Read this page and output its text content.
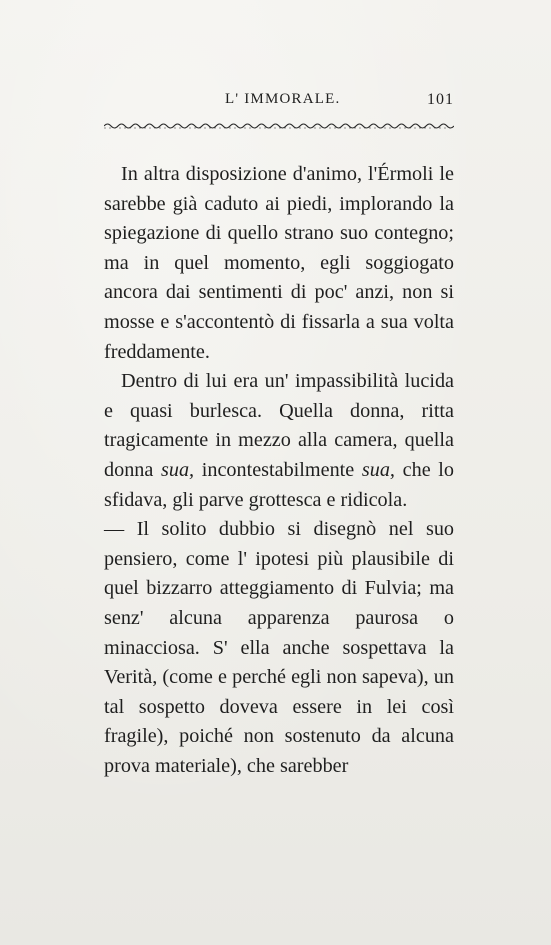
L' IMMORALE.	101

In altra disposizione d'animo, l'Érmoli le sarebbe già caduto ai piedi, implorando la spiegazione di quello strano suo contegno; ma in quel momento, egli soggiogato ancora dai sentimenti di poc' anzi, non si mosse e s'accontentò di fissarla a sua volta freddamente.

Dentro di lui era un' impassibilità lucida e quasi burlesca. Quella donna, ritta tragicamente in mezzo alla camera, quella donna sua, incontestabilmente sua, che lo sfidava, gli parve grottesca e ridicola.

— Il solito dubbio si disegnò nel suo pensiero, come l' ipotesi più plausibile di quel bizzarro atteggiamento di Fulvia; ma senz' alcuna apparenza paurosa o minacciosa. S' ella anche sospettava la Verità, (come e perché egli non sapeva), un tal sospetto doveva essere in lei così fragile), poiché non sostenuto da alcuna prova materiale), che sarebber
